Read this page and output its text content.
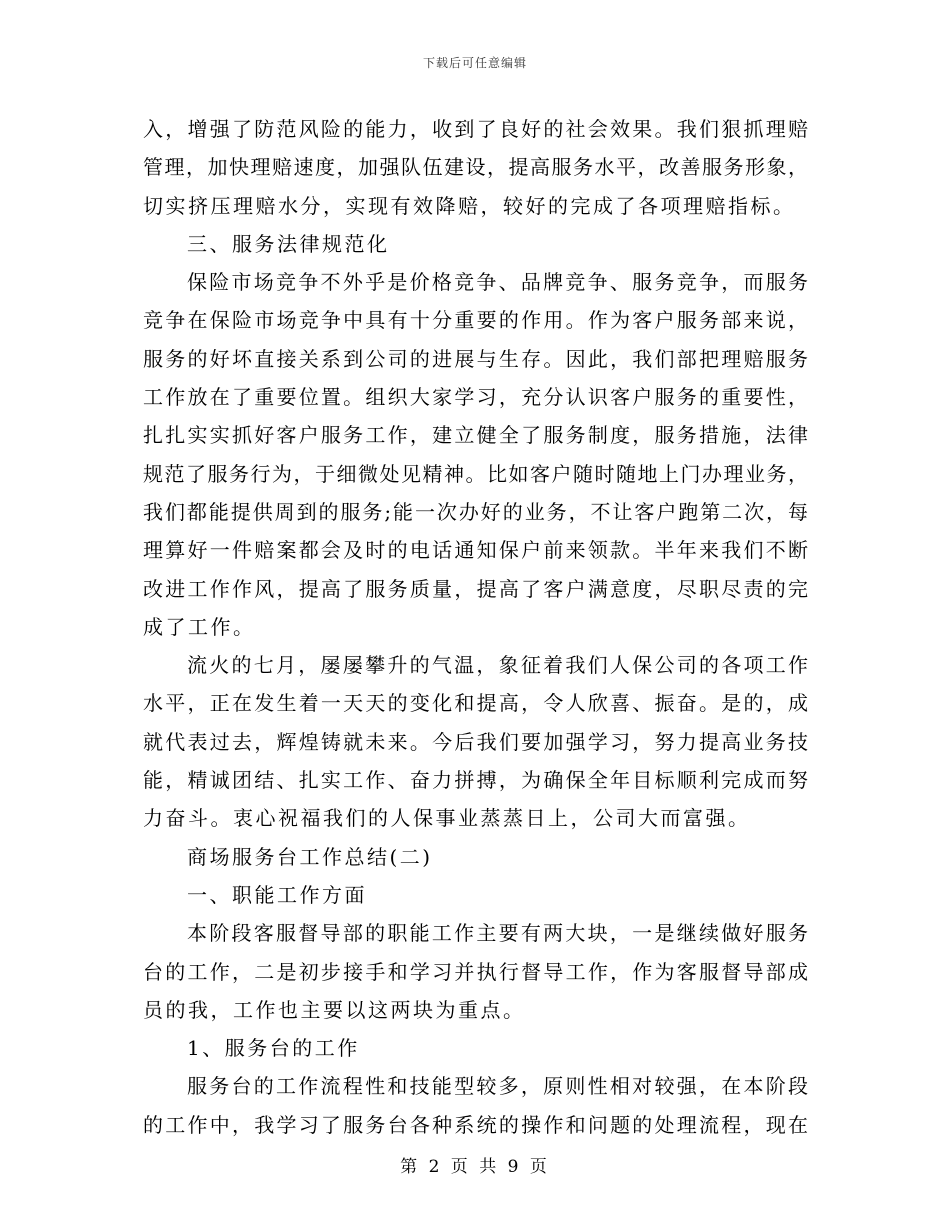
下载后可任意编辑
入，增强了防范风险的能力，收到了良好的社会效果。我们狠抓理赔
管理，加快理赔速度，加强队伍建设，提高服务水平，改善服务形象，
切实挤压理赔水分，实现有效降赔，较好的完成了各项理赔指标。
三、服务法律规范化
保险市场竞争不外乎是价格竞争、品牌竞争、服务竞争，而服务
竞争在保险市场竞争中具有十分重要的作用。作为客户服务部来说，
服务的好坏直接关系到公司的进展与生存。因此，我们部把理赔服务
工作放在了重要位置。组织大家学习，充分认识客户服务的重要性，
扎扎实实抓好客户服务工作，建立健全了服务制度，服务措施，法律
规范了服务行为，于细微处见精神。比如客户随时随地上门办理业务，
我们都能提供周到的服务;能一次办好的业务，不让客户跑第二次，每
理算好一件赔案都会及时的电话通知保户前来领款。半年来我们不断
改进工作作风，提高了服务质量，提高了客户满意度，尽职尽责的完
成了工作。
流火的七月，屡屡攀升的气温，象征着我们人保公司的各项工作
水平，正在发生着一天天的变化和提高，令人欣喜、振奋。是的，成
就代表过去，辉煌铸就未来。今后我们要加强学习，努力提高业务技
能，精诚团结、扎实工作、奋力拼搏，为确保全年目标顺利完成而努
力奋斗。衷心祝福我们的人保事业蒸蒸日上，公司大而富强。
商场服务台工作总结(二)
一、职能工作方面
本阶段客服督导部的职能工作主要有两大块，一是继续做好服务
台的工作，二是初步接手和学习并执行督导工作，作为客服督导部成
员的我，工作也主要以这两块为重点。
1、服务台的工作
服务台的工作流程性和技能型较多，原则性相对较强，在本阶段
的工作中，我学习了服务台各种系统的操作和问题的处理流程，现在
第 2 页 共 9 页
